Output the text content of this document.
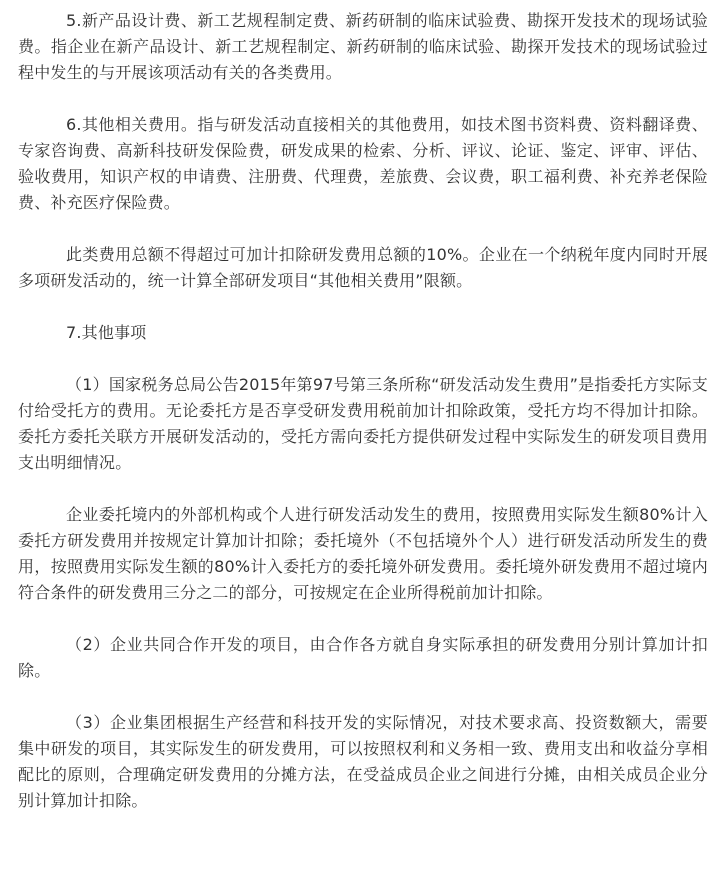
5.新产品设计费、新工艺规程制定费、新药研制的临床试验费、勘探开发技术的现场试验费。指企业在新产品设计、新工艺规程制定、新药研制的临床试验、勘探开发技术的现场试验过程中发生的与开展该项活动有关的各类费用。

6.其他相关费用。指与研发活动直接相关的其他费用，如技术图书资料费、资料翻译费、专家咨询费、高新科技研发保险费，研发成果的检索、分析、评议、论证、鉴定、评审、评估、验收费用，知识产权的申请费、注册费、代理费，差旅费、会议费，职工福利费、补充养老保险费、补充医疗保险费。

此类费用总额不得超过可加计扣除研发费用总额的10%。企业在一个纳税年度内同时开展多项研发活动的，统一计算全部研发项目“其他相关费用”限额。

7.其他事项

（1）国家税务总局公告2015年第97号第三条所称“研发活动发生费用”是指委托方实际支付给受托方的费用。无论委托方是否享受研发费用税前加计扣除政策，受托方均不得加计扣除。委托方委托关联方开展研发活动的，受托方需向委托方提供研发过程中实际发生的研发项目费用支出明细情况。

企业委托境内的外部机构或个人进行研发活动发生的费用，按照费用实际发生额80%计入委托方研发费用并按规定计算加计扣除；委托境外（不包括境外个人）进行研发活动所发生的费用，按照费用实际发生额的80%计入委托方的委托境外研发费用。委托境外研发费用不超过境内符合条件的研发费用三分之二的部分，可按规定在企业所得税前加计扣除。

（2）企业共同合作开发的项目，由合作各方就自身实际承担的研发费用分别计算加计扣除。

（3）企业集团根据生产经营和科技开发的实际情况，对技术要求高、投资数额大，需要集中研发的项目，其实际发生的研发费用，可以按照权利和义务相一致、费用支出和收益分享相配比的原则，合理确定研发费用的分摊方法，在受益成员企业之间进行分摊，由相关成员企业分别计算加计扣除。
